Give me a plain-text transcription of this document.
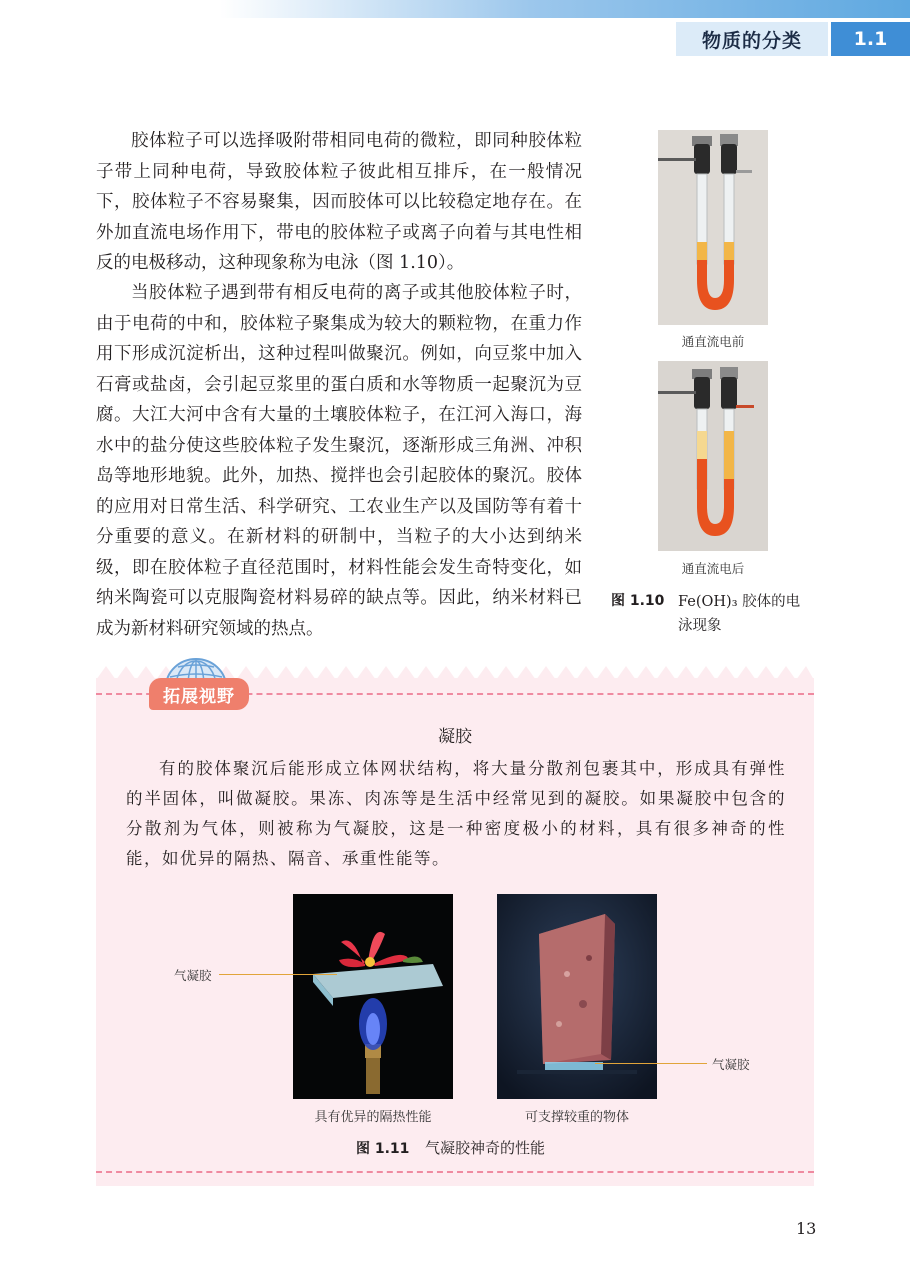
物质的分类	1.1

胶体粒子可以选择吸附带相同电荷的微粒，即同种胶体粒子带上同种电荷，导致胶体粒子彼此相互排斥，在一般情况下，胶体粒子不容易聚集，因而胶体可以比较稳定地存在。在外加直流电场作用下，带电的胶体粒子或离子向着与其电性相反的电极移动，这种现象称为电泳（图 1.10）。

当胶体粒子遇到带有相反电荷的离子或其他胶体粒子时，由于电荷的中和，胶体粒子聚集成为较大的颗粒物，在重力作用下形成沉淀析出，这种过程叫做聚沉。例如，向豆浆中加入石膏或盐卤，会引起豆浆里的蛋白质和水等物质一起聚沉为豆腐。大江大河中含有大量的土壤胶体粒子，在江河入海口，海水中的盐分使这些胶体粒子发生聚沉，逐渐形成三角洲、冲积岛等地形地貌。此外，加热、搅拌也会引起胶体的聚沉。胶体的应用对日常生活、科学研究、工农业生产以及国防等有着十分重要的意义。在新材料的研制中，当粒子的大小达到纳米级，即在胶体粒子直径范围时，材料性能会发生奇特变化，如纳米陶瓷可以克服陶瓷材料易碎的缺点等。因此，纳米材料已成为新材料研究领域的热点。

通直流电前
通直流电后
图 1.10 Fe(OH)₃ 胶体的电泳现象
拓展视野
凝胶

有的胶体聚沉后能形成立体网状结构，将大量分散剂包裹其中，形成具有弹性的半固体，叫做凝胶。果冻、肉冻等是生活中经常见到的凝胶。如果凝胶中包含的分散剂为气体，则被称为气凝胶，这是一种密度极小的材料，具有很多神奇的性能，如优异的隔热、隔音、承重性能等。

气凝胶
气凝胶
具有优异的隔热性能	可支撑较重的物体
图 1.11 气凝胶神奇的性能
13
